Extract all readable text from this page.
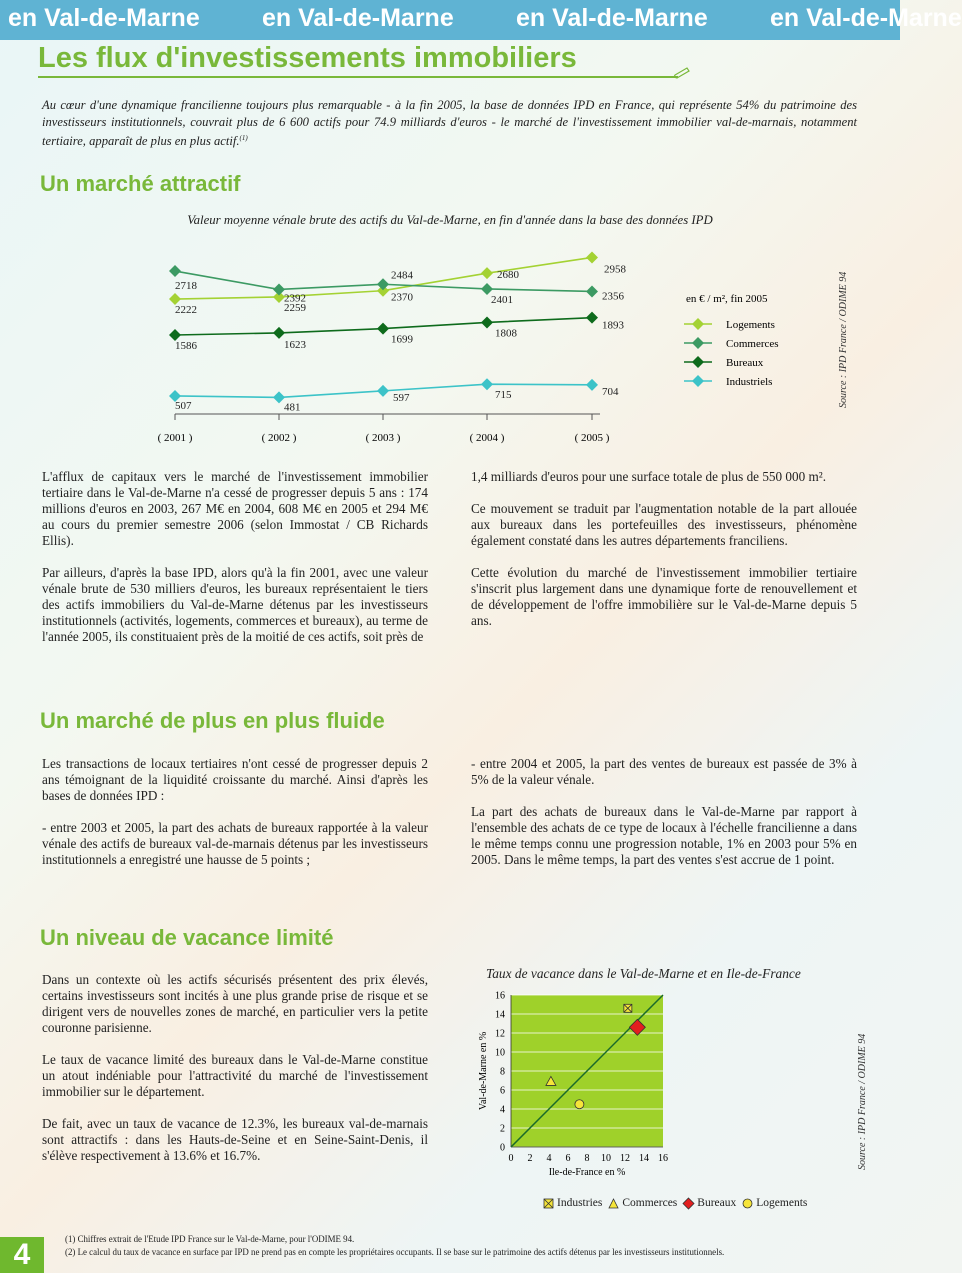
en Val-de-Marne en Val-de-Marne en Val-de-Marne en Val-de-Marne
Les flux d'investissements immobiliers

Au cœur d'une dynamique francilienne toujours plus remarquable - à la fin 2005, la base de données IPD en France, qui représente 54% du patrimoine des investisseurs institutionnels, couvrait plus de 6 600 actifs pour 74.9 milliards d'euros - le marché de l'investissement immobilier val-de-marnais, notamment tertiaire, apparaît de plus en plus actif.$^{(1)}$

Un marché attractif

Valeur moyenne vénale brute des actifs du Val-de-Marne, en fin d'année dans la base des données IPD

( 2001 )	( 2002 )	( 2003 )	( 2004 )	( 2005 )
2222	2259
2370
2680	2958
2718
2392
2484
2401	2356
1586	1623	1699
1808
1893
507	481
597	715	704
en € / m², fin 2005
Logements
Commerces
Bureaux
Industriels	Source : IPD France / ODIME 94

L'afflux de capitaux vers le marché de l'investissement immobilier tertiaire dans le Val-de-Marne n'a cessé de progresser depuis 5 ans : 174 millions d'euros en 2003, 267 M€ en 2004, 608 M€ en 2005 et 294 M€ au cours du premier semestre 2006 (selon Immostat / CB Richards Ellis).

Par ailleurs, d'après la base IPD, alors qu'à la fin 2001, avec une valeur vénale brute de 530 milliers d'euros, les bureaux représentaient le tiers des actifs immobiliers du Val-de-Marne détenus par les investisseurs institutionnels (activités, logements, commerces et bureaux), au terme de l'année 2005, ils constituaient près de la moitié de ces actifs, soit près de

1,4 milliards d'euros pour une surface totale de plus de 550 000 m².

Ce mouvement se traduit par l'augmentation notable de la part allouée aux bureaux dans les portefeuilles des investisseurs, phénomène également constaté dans les autres départements franciliens.

Cette évolution du marché de l'investissement immobilier tertiaire s'inscrit plus largement dans une dynamique forte de renouvellement et de développement de l'offre immobilière sur le Val-de-Marne depuis 5 ans.

Un marché de plus en plus fluide

Les transactions de locaux tertiaires n'ont cessé de progresser depuis 2 ans témoignant de la liquidité croissante du marché. Ainsi d'après les bases de données IPD :

- entre 2003 et 2005, la part des achats de bureaux rapportée à la valeur vénale des actifs de bureaux val-de-marnais détenus par les investisseurs institutionnels a enregistré une hausse de 5 points ;

- entre 2004 et 2005, la part des ventes de bureaux est passée de 3% à 5% de la valeur vénale.

La part des achats de bureaux dans le Val-de-Marne par rapport à l'ensemble des achats de ce type de locaux à l'échelle francilienne a dans le même temps connu une progression notable, 1% en 2003 pour 5% en 2005. Dans le même temps, la part des ventes s'est accrue de 1 point.

Un niveau de vacance limité

Dans un contexte où les actifs sécurisés présentent des prix élevés, certains investisseurs sont incités à une plus grande prise de risque et se dirigent vers de nouvelles zones de marché, en particulier vers la petite couronne parisienne.

Le taux de vacance limité des bureaux dans le Val-de-Marne constitue un atout indéniable pour l'attractivité du marché de l'investissement immobilier sur le département.

De fait, avec un taux de vacance de 12.3%, les bureaux val-de-marnais sont attractifs : dans les Hauts-de-Seine et en Seine-Saint-Denis, il s'élève respectivement à 13.6% et 16.7%.

Taux de vacance dans le Val-de-Marne et en Ile-de-France

0
2
4
6
8
10
12
14
16
0 2 4 6 8 10 12 14 16
Ile-de-France en %
Val-de-Marne en %	Source : IPD France / ODIME 94
Industries Commerces Bureaux Logements
4	(1) Chiffres extrait de l'Etude IPD France sur le Val-de-Marne, pour l'ODIME 94.

(2) Le calcul du taux de vacance en surface par IPD ne prend pas en compte les propriétaires occupants. Il se base sur le patrimoine des actifs détenus par les investisseurs institutionnels.
